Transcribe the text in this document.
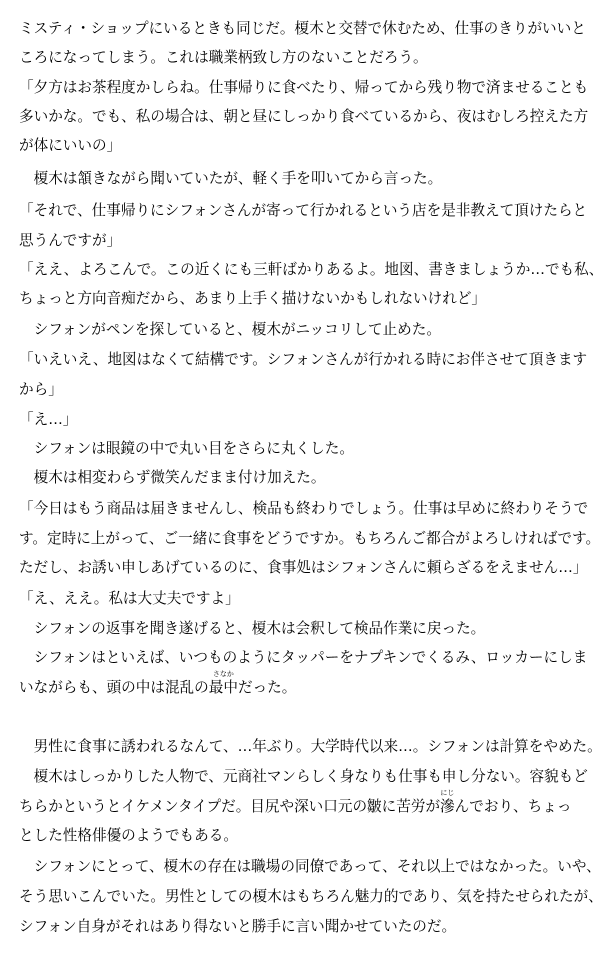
ミスティ・ショップにいるときも同じだ。榎木と交替で休むため、仕事のきりがいいと
ころになってしまう。これは職業柄致し方のないことだろう。
「夕方はお茶程度かしらね。仕事帰りに食べたり、帰ってから残り物で済ませることも
多いかな。でも、私の場合は、朝と昼にしっかり食べているから、夜はむしろ控えた方
が体にいいの」
　榎木は頷きながら聞いていたが、軽く手を叩いてから言った。
「それで、仕事帰りにシフォンさんが寄って行かれるという店を是非教えて頂けたらと
思うんですが」
「ええ、よろこんで。この近くにも三軒ばかりあるよ。地図、書きましょうか…でも私、
ちょっと方向音痴だから、あまり上手く描けないかもしれないけれど」
　シフォンがペンを探していると、榎木がニッコリして止めた。
「いえいえ、地図はなくて結構です。シフォンさんが行かれる時にお伴させて頂きます
から」
「え…」
　シフォンは眼鏡の中で丸い目をさらに丸くした。
　榎木は相変わらず微笑んだまま付け加えた。
「今日はもう商品は届きませんし、検品も終わりでしょう。仕事は早めに終わりそうで
す。定時に上がって、ご一緒に食事をどうですか。もちろんご都合がよろしければです。
ただし、お誘い申しあげているのに、食事処はシフォンさんに頼らざるをえません…」
「え、ええ。私は大丈夫ですよ」
　シフォンの返事を聞き遂げると、榎木は会釈して検品作業に戻った。
　シフォンはといえば、いつものようにタッパーをナプキンでくるみ、ロッカーにしま
いながらも、頭の中は混乱の
さなか
最中だった。
　男性に食事に誘われるなんて、…年ぶり。大学時代以来…。シフォンは計算をやめた。
　榎木はしっかりした人物で、元商社マンらしく身なりも仕事も申し分ない。容貌もど
ちらかというとイケメンタイプだ。目尻や深い口元の皺に苦労が
にじ
滲んでおり、ちょっ
とした性格俳優のようでもある。
　シフォンにとって、榎木の存在は職場の同僚であって、それ以上ではなかった。いや、
そう思いこんでいた。男性としての榎木はもちろん魅力的であり、気を持たせられたが、
シフォン自身がそれはあり得ないと勝手に言い聞かせていたのだ。
